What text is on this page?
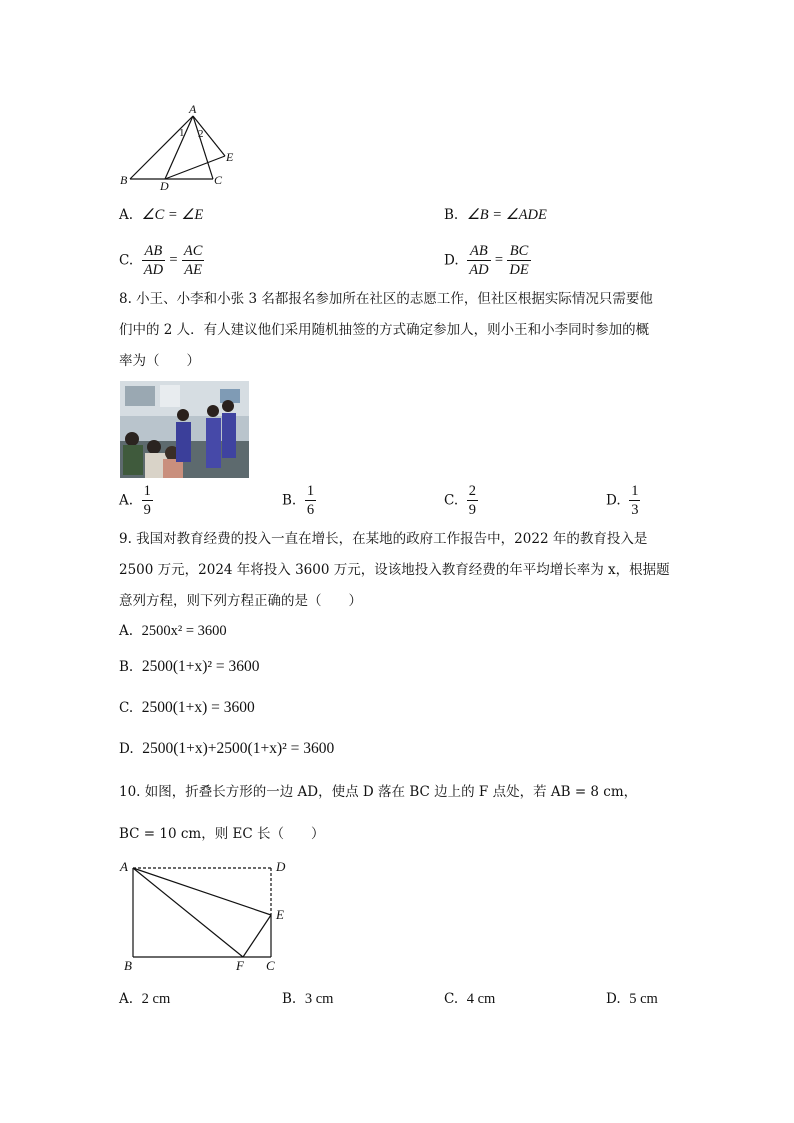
A
B	D	C
E
1 2
A. ∠C = ∠E	B. ∠B = ∠ADE
C. $\frac{AB}{AD} = \frac{AC}{AE}$	D. $\frac{AB}{AD} = \frac{BC}{DE}$
8. 小王、小李和小张 3 名都报名参加所在社区的志愿工作，但社区根据实际情况只需要他
们中的 2 人．有人建议他们采用随机抽签的方式确定参加人，则小王和小李同时参加的概
率为（　　）
A. $\frac{1}{9}$	B. $\frac{1}{6}$	C. $\frac{2}{9}$	D. $\frac{1}{3}$
9. 我国对教育经费的投入一直在增长，在某地的政府工作报告中，2022 年的教育投入是
2500 万元，2024 年将投入 3600 万元，设该地投入教育经费的年平均增长率为 x，根据题
意列方程，则下列方程正确的是（　　）
A. 2500x² = 3600
B. 2500(1+x)² = 3600
C. 2500(1+x) = 3600
D. 2500(1+x)+2500(1+x)² = 3600
10. 如图，折叠长方形的一边 AD，使点 D 落在 BC 边上的 F 点处，若 AB = 8 cm，
BC = 10 cm，则 EC 长（　　）
A	D
E
B	F C
A. 2 cm	B. 3 cm	C. 4 cm	D. 5 cm
